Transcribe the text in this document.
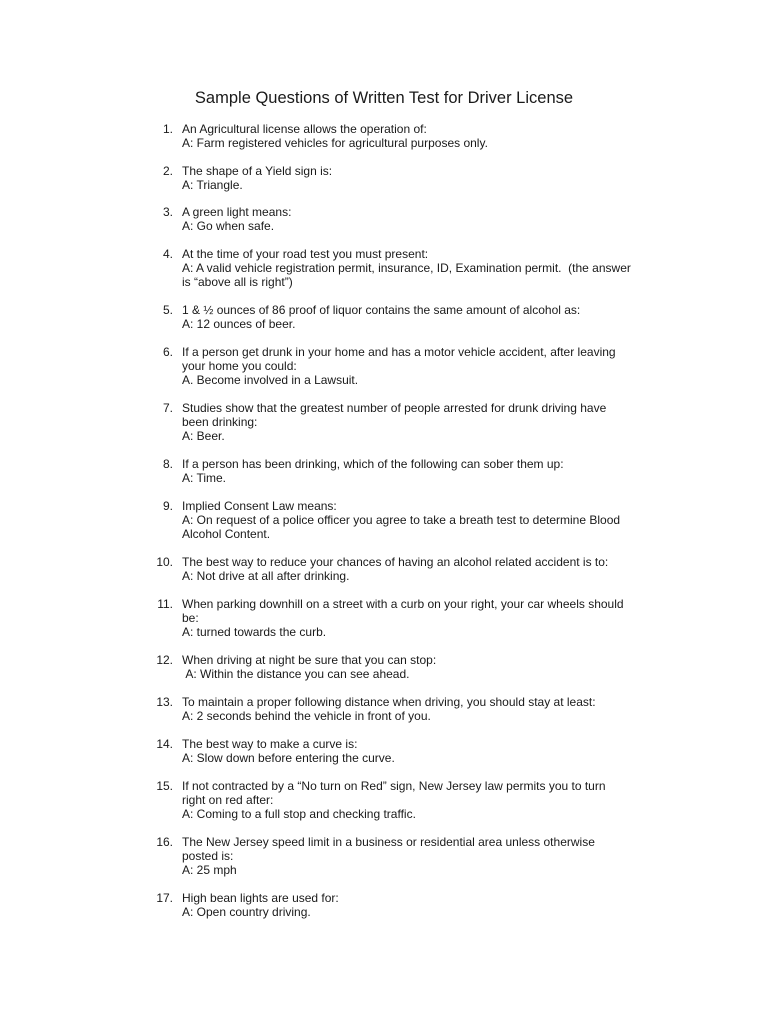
Sample Questions of Written Test for Driver License
1. An Agricultural license allows the operation of:
A: Farm registered vehicles for agricultural purposes only.
2. The shape of a Yield sign is:
A: Triangle.
3. A green light means:
A: Go when safe.
4. At the time of your road test you must present:
A: A valid vehicle registration permit, insurance, ID, Examination permit.  (the answer is “above all is right”)
5. 1 & ½ ounces of 86 proof of liquor contains the same amount of alcohol as:
A: 12 ounces of beer.
6. If a person get drunk in your home and has a motor vehicle accident, after leaving your home you could:
A. Become involved in a Lawsuit.
7. Studies show that the greatest number of people arrested for drunk driving have been drinking:
A: Beer.
8. If a person has been drinking, which of the following can sober them up:
A: Time.
9. Implied Consent Law means:
A: On request of a police officer you agree to take a breath test to determine Blood Alcohol Content.
10. The best way to reduce your chances of having an alcohol related accident is to:
A: Not drive at all after drinking.
11. When parking downhill on a street with a curb on your right, your car wheels should be:
A: turned towards the curb.
12. When driving at night be sure that you can stop:
A: Within the distance you can see ahead.
13. To maintain a proper following distance when driving, you should stay at least:
A: 2 seconds behind the vehicle in front of you.
14. The best way to make a curve is:
A: Slow down before entering the curve.
15. If not contracted by a “No turn on Red” sign, New Jersey law permits you to turn right on red after:
A: Coming to a full stop and checking traffic.
16. The New Jersey speed limit in a business or residential area unless otherwise posted is:
A: 25 mph
17. High bean lights are used for:
A: Open country driving.
